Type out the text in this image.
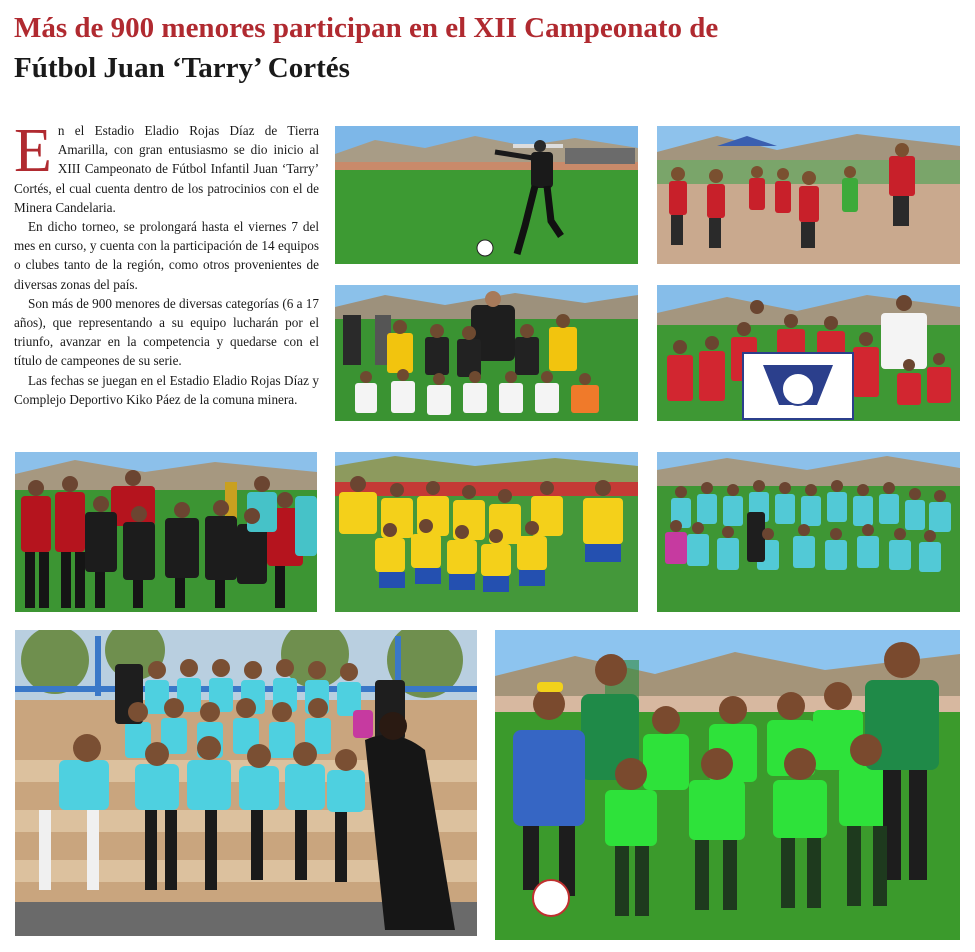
Más de 900 menores participan en el XII Campeonato de
Fútbol Juan ‘Tarry’ Cortés

En el Estadio Eladio Rojas Díaz de Tierra Amarilla, con gran entusiasmo se dio inicio al XIII Campeonato de Fútbol Infantil Juan ‘Tarry’ Cortés, el cual cuenta dentro de los patrocinios con el de Minera Candelaria.

En dicho torneo, se prolongará hasta el viernes 7 del mes en curso, y cuenta con la participación de 14 equipos o clubes tanto de la región, como otros provenientes de diversas zonas del país.

Son más de 900 menores de diversas categorías (6 a 17 años), que representando a su equipo lucharán por el triunfo, avanzar en la competencia y quedarse con el título de campeones de su serie.

Las fechas se juegan en el Estadio Eladio Rojas Díaz y Complejo Deportivo Kiko Páez de la comuna minera.
